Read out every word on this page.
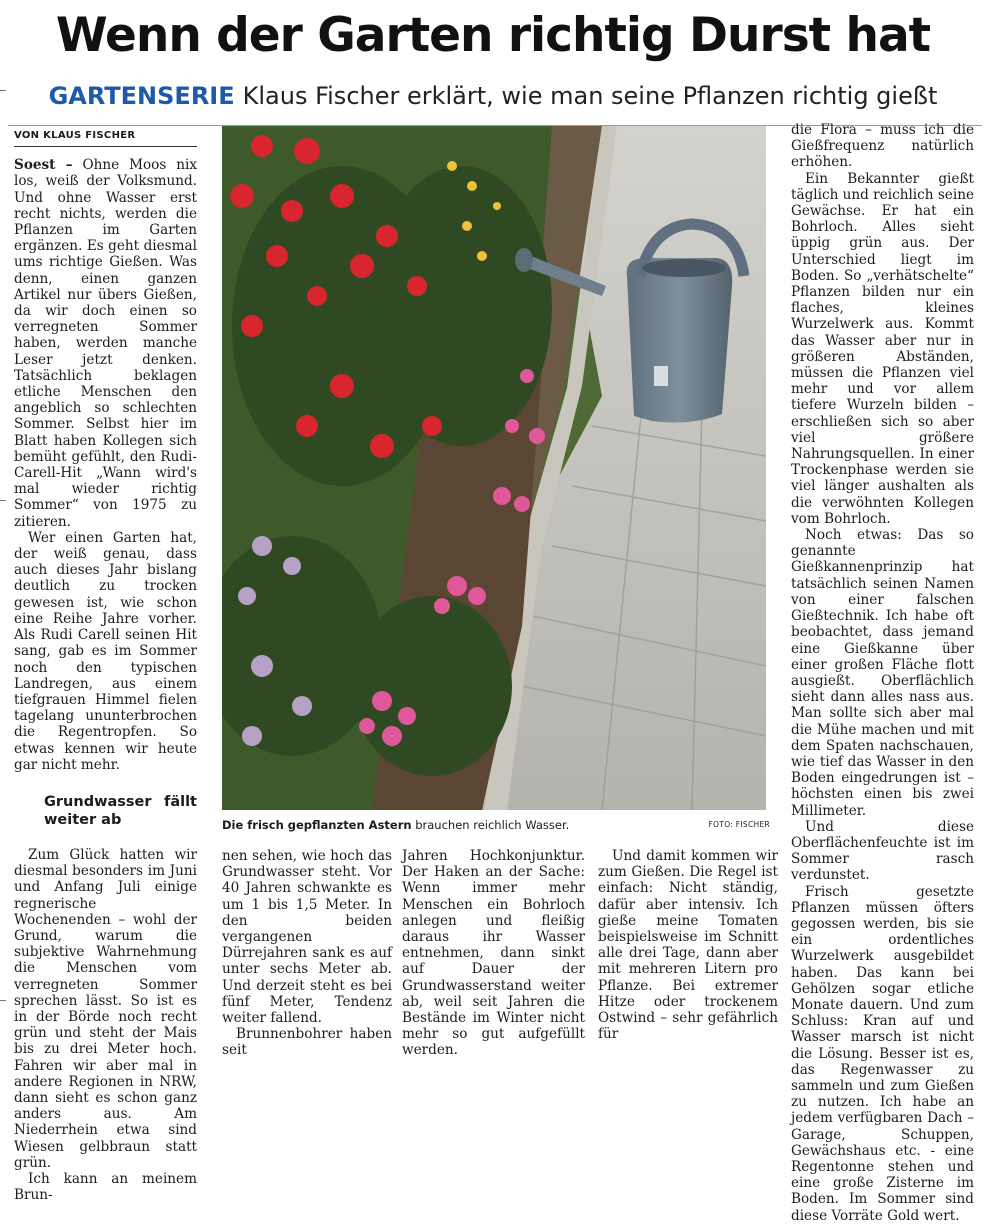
Wenn der Garten richtig Durst hat
GARTENSERIE Klaus Fischer erklärt, wie man seine Pflanzen richtig gießt
VON KLAUS FISCHER

Soest – Ohne Moos nix los, weiß der Volksmund. Und ohne Wasser erst recht nichts, werden die Pflanzen im Garten ergänzen. Es geht diesmal ums richtige Gießen. Was denn, einen ganzen Artikel nur übers Gießen, da wir doch einen so verregneten Sommer haben, werden manche Leser jetzt denken. Tatsächlich beklagen etliche Menschen den angeblich so schlechten Sommer. Selbst hier im Blatt haben Kollegen sich bemüht gefühlt, den Rudi-Carell-Hit „Wann wird's mal wieder richtig Sommer“ von 1975 zu zitieren.

Wer einen Garten hat, der weiß genau, dass auch dieses Jahr bislang deutlich zu trocken gewesen ist, wie schon eine Reihe Jahre vorher. Als Rudi Carell seinen Hit sang, gab es im Sommer noch den typischen Landregen, aus einem tiefgrauen Himmel fielen tagelang ununterbrochen die Regentropfen. So etwas kennen wir heute gar nicht mehr.

Grundwasser fällt weiter ab

Zum Glück hatten wir diesmal besonders im Juni und Anfang Juli einige regnerische Wochenenden – wohl der Grund, warum die subjektive Wahrnehmung die Menschen vom verregneten Sommer sprechen lässt. So ist es in der Börde noch recht grün und steht der Mais bis zu drei Meter hoch. Fahren wir aber mal in andere Regionen in NRW, dann sieht es schon ganz anders aus. Am Niederrhein etwa sind Wiesen gelbbraun statt grün.

Ich kann an meinem Brun-

Die frisch gepflanzten Astern brauchen reichlich Wasser.	FOTO: FISCHER

nen sehen, wie hoch das Grundwasser steht. Vor 40 Jahren schwankte es um 1 bis 1,5 Meter. In den beiden vergangenen Dürrejahren sank es auf unter sechs Meter ab. Und derzeit steht es bei fünf Meter, Tendenz weiter fallend.

Brunnenbohrer haben seit

Jahren Hochkonjunktur. Der Haken an der Sache: Wenn immer mehr Menschen ein Bohrloch anlegen und fleißig daraus ihr Wasser entnehmen, dann sinkt auf Dauer der Grundwasserstand weiter ab, weil seit Jahren die Bestände im Winter nicht mehr so gut aufgefüllt werden.

Und damit kommen wir zum Gießen. Die Regel ist einfach: Nicht ständig, dafür aber intensiv. Ich gieße meine Tomaten beispielsweise im Schnitt alle drei Tage, dann aber mit mehreren Litern pro Pflanze. Bei extremer Hitze oder trockenem Ostwind – sehr gefährlich für

die Flora – muss ich die Gießfrequenz natürlich erhöhen.

Ein Bekannter gießt täglich und reichlich seine Gewächse. Er hat ein Bohrloch. Alles sieht üppig grün aus. Der Unterschied liegt im Boden. So „verhätschelte“ Pflanzen bilden nur ein flaches, kleines Wurzelwerk aus. Kommt das Wasser aber nur in größeren Abständen, müssen die Pflanzen viel mehr und vor allem tiefere Wurzeln bilden – erschließen sich so aber viel größere Nahrungsquellen. In einer Trockenphase werden sie viel länger aushalten als die verwöhnten Kollegen vom Bohrloch.

Noch etwas: Das so genannte Gießkannenprinzip hat tatsächlich seinen Namen von einer falschen Gießtechnik. Ich habe oft beobachtet, dass jemand eine Gießkanne über einer großen Fläche flott ausgießt. Oberflächlich sieht dann alles nass aus. Man sollte sich aber mal die Mühe machen und mit dem Spaten nachschauen, wie tief das Wasser in den Boden eingedrungen ist – höchsten einen bis zwei Millimeter.

Und diese Oberflächenfeuchte ist im Sommer rasch verdunstet.

Frisch gesetzte Pflanzen müssen öfters gegossen werden, bis sie ein ordentliches Wurzelwerk ausgebildet haben. Das kann bei Gehölzen sogar etliche Monate dauern. Und zum Schluss: Kran auf und Wasser marsch ist nicht die Lösung. Besser ist es, das Regenwasser zu sammeln und zum Gießen zu nutzen. Ich habe an jedem verfügbaren Dach – Garage, Schuppen, Gewächshaus etc. - eine Regentonne stehen und eine große Zisterne im Boden. Im Sommer sind diese Vorräte Gold wert.
